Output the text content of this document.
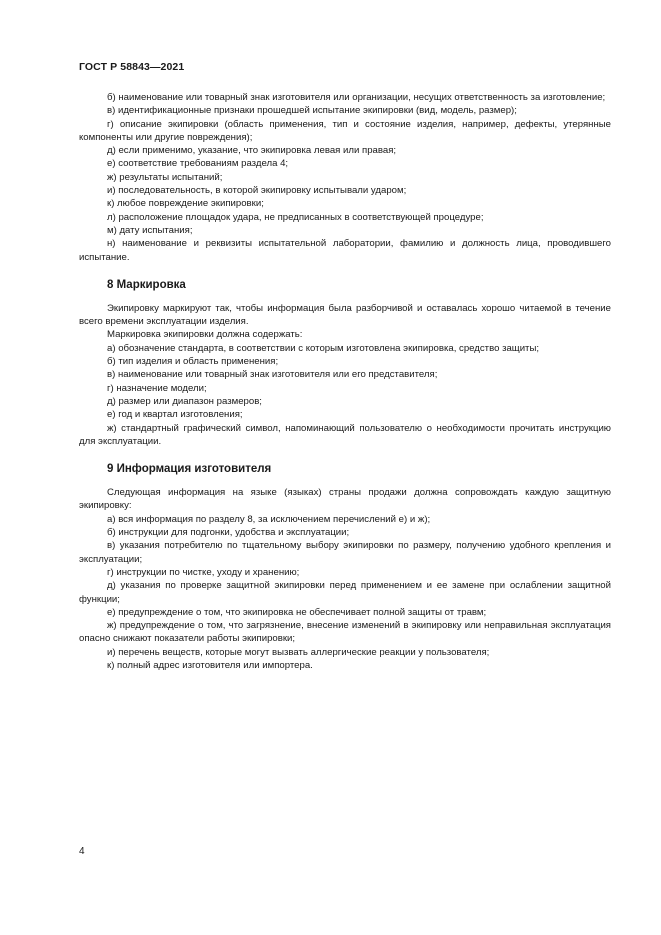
ГОСТ Р 58843—2021

б) наименование или товарный знак изготовителя или организации, несущих ответственность за изготовление;

в) идентификационные признаки прошедшей испытание экипировки (вид, модель, размер);

г) описание экипировки (область применения, тип и состояние изделия, например, дефекты, утерянные компоненты или другие повреждения);

д) если применимо, указание, что экипировка левая или правая;

е) соответствие требованиям раздела 4;

ж) результаты испытаний;

и) последовательность, в которой экипировку испытывали ударом;

к) любое повреждение экипировки;

л) расположение площадок удара, не предписанных в соответствующей процедуре;

м) дату испытания;

н) наименование и реквизиты испытательной лаборатории, фамилию и должность лица, проводившего испытание.

8 Маркировка

Экипировку маркируют так, чтобы информация была разборчивой и оставалась хорошо читаемой в течение всего времени эксплуатации изделия.

Маркировка экипировки должна содержать:

а) обозначение стандарта, в соответствии с которым изготовлена экипировка, средство защиты;

б) тип изделия и область применения;

в) наименование или товарный знак изготовителя или его представителя;

г) назначение модели;

д) размер или диапазон размеров;

е) год и квартал изготовления;

ж) стандартный графический символ, напоминающий пользователю о необходимости прочитать инструкцию для эксплуатации.

9 Информация изготовителя

Следующая информация на языке (языках) страны продажи должна сопровождать каждую защитную экипировку:

а) вся информация по разделу 8, за исключением перечислений е) и ж);

б) инструкции для подгонки, удобства и эксплуатации;

в) указания потребителю по тщательному выбору экипировки по размеру, получению удобного крепления и эксплуатации;

г) инструкции по чистке, уходу и хранению;

д) указания по проверке защитной экипировки перед применением и ее замене при ослаблении защитной функции;

е) предупреждение о том, что экипировка не обеспечивает полной защиты от травм;

ж) предупреждение о том, что загрязнение, внесение изменений в экипировку или неправильная эксплуатация опасно снижают показатели работы экипировки;

и) перечень веществ, которые могут вызвать аллергические реакции у пользователя;

к) полный адрес изготовителя или импортера.

4
